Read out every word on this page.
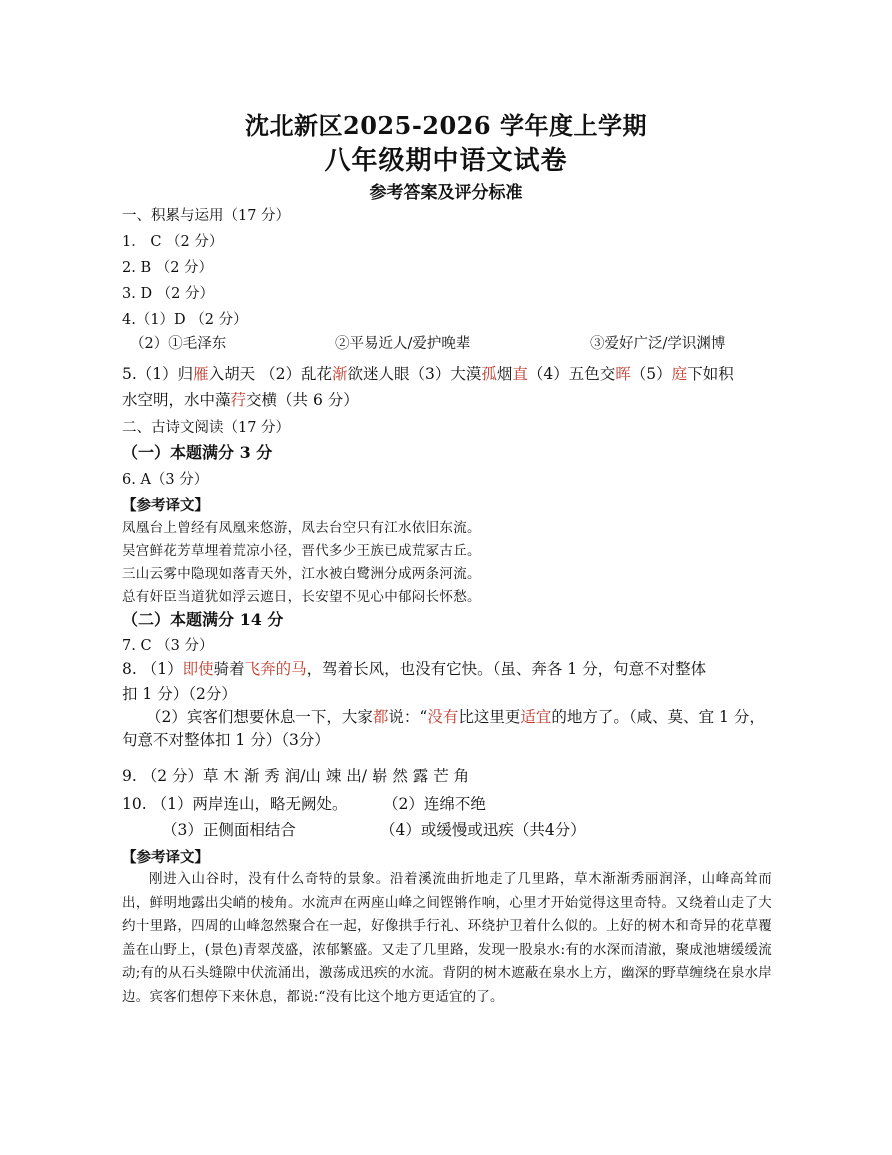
沈北新区2025-2026 学年度上学期
八年级期中语文试卷
参考答案及评分标准
一、积累与运用（17 分）
1． C （2 分）
2. B （2 分）
3. D （2 分）
4.（1）D （2 分）
（2）①毛泽东	②平易近人/爱护晚辈	③爱好广泛/学识渊博
5.（1）归雁入胡天 （2）乱花渐欲迷人眼（3）大漠孤烟直（4）五色交晖（5）庭下如积
水空明，水中藻荇交横（共 6 分）
二、古诗文阅读（17 分）
（一）本题满分 3 分
6. A（3 分）
【参考译文】
凤凰台上曾经有凤凰来悠游，凤去台空只有江水依旧东流。
吴宫鲜花芳草埋着荒凉小径，晋代多少王族已成荒冢古丘。
三山云雾中隐现如落青天外，江水被白鹭洲分成两条河流。
总有奸臣当道犹如浮云遮日，长安望不见心中郁闷长怀愁。
（二）本题满分 14 分
7. C （3 分）
8. （1）即使骑着飞奔的马，驾着长风，也没有它快。（虽、奔各 1 分，句意不对整体
扣 1 分）（2分）
（2）宾客们想要休息一下，大家都说：“没有比这里更适宜的地方了。（咸、莫、宜 1 分，
句意不对整体扣 1 分）（3分）
9. （2 分）草 木 渐 秀 润/山 竦 出/ 崭 然 露 芒 角
10. （1）两岸连山，略无阙处。 （2）连绵不绝
（3）正侧面相结合	（4）或缓慢或迅疾（共4分）
【参考译文】
刚进入山谷时，没有什么奇特的景象。沿着溪流曲折地走了几里路，草木渐渐秀丽润泽，山峰高耸而出，鲜明地露出尖峭的棱角。水流声在两座山峰之间铿锵作响，心里才开始觉得这里奇特。又绕着山走了大约十里路，四周的山峰忽然聚合在一起，好像拱手行礼、环绕护卫着什么似的。上好的树木和奇异的花草覆盖在山野上，(景色)青翠茂盛，浓郁繁盛。又走了几里路，发现一股泉水:有的水深而清澈，聚成池塘缓缓流动;有的从石头缝隙中伏流涌出，激荡成迅疾的水流。背阴的树木遮蔽在泉水上方，幽深的野草缠绕在泉水岸边。宾客们想停下来休息，都说:“没有比这个地方更适宜的了。
